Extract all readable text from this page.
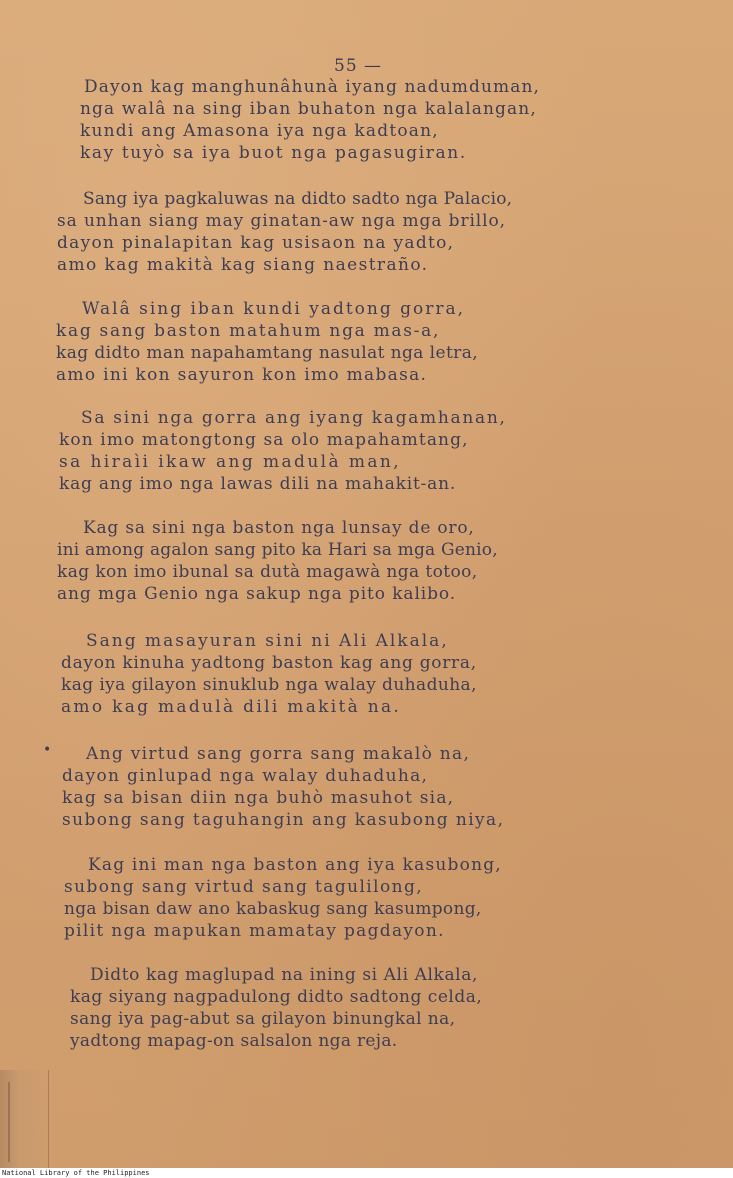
55 —

Dayon kag manghunâhunà iyang nadumduman,
nga walâ na sing iban buhaton nga kalalangan,
kundi ang Amasona iya nga kadtoan,
kay tuyò sa iya buot nga pagasugiran.

Sang iya pagkaluwas na didto sadto nga Palacio,
sa unhan siang may ginatan-aw nga mga brillo,
dayon pinalapitan kag usisaon na yadto,
amo kag makità kag siang naestraño.

Walâ sing iban kundi yadtong gorra,
kag sang baston matahum nga mas-a,
kag didto man napahamtang nasulat nga letra,
amo ini kon sayuron kon imo mabasa.

Sa sini nga gorra ang iyang kagamhanan,
kon imo matongtong sa olo mapahamtang,
sa hiraìi ikaw ang madulà man,
kag ang imo nga lawas dili na mahakit-an.

Kag sa sini nga baston nga lunsay de oro,
ini among agalon sang pito ka Hari sa mga Genio,
kag kon imo ibunal sa dutà magawà nga totoo,
ang mga Genio nga sakup nga pito kalibo.

Sang masayuran sini ni Ali Alkala,
dayon kinuha yadtong baston kag ang gorra,
kag iya gilayon sinuklub nga walay duhaduha,
amo kag madulà dili makità na.

• Ang virtud sang gorra sang makalò na,
dayon ginlupad nga walay duhaduha,
kag sa bisan diin nga buhò masuhot sia,
subong sang taguhangin ang kasubong niya,

Kag ini man nga baston ang iya kasubong,
subong sang virtud sang tagulilong,
nga bisan daw ano kabaskug sang kasumpong,
pilit nga mapukan mamatay pagdayon.

Didto kag maglupad na ining si Ali Alkala,
kag siyang nagpadulong didto sadtong celda,
sang iya pag-abut sa gilayon binungkal na,
yadtong mapag-on salsalon nga reja.

National Library of the Philippines
